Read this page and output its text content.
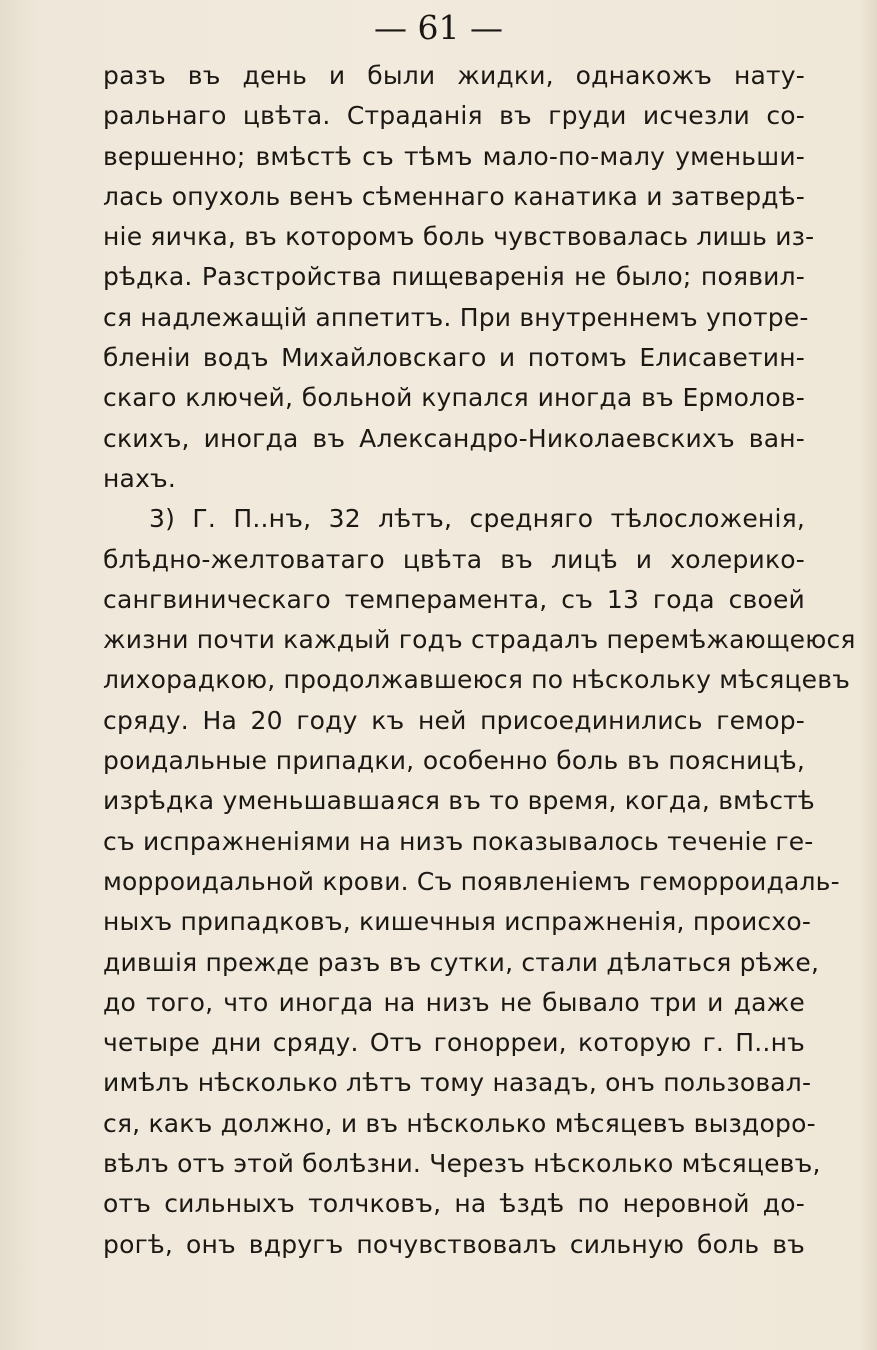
— 61 —
разъ въ день и были жидки, однакожъ нату-
ральнаго цвѣта. Страданія въ груди исчезли со-
вершенно; вмѣстѣ съ тѣмъ мало-по-малу уменьши-
лась опухоль венъ сѣменнаго канатика и затвердѣ-
ніе яичка, въ которомъ боль чувствовалась лишь из-
рѣдка. Разстройства пищеваренія не было; появил-
ся надлежащій аппетитъ. При внутреннемъ употре-
бленіи водъ Михайловскаго и потомъ Елисаветин-
скаго ключей, больной купался иногда въ Ермолов-
скихъ, иногда въ Александро-Николаевскихъ ван-
нахъ.
3) Г. П..нъ, 32 лѣтъ, средняго тѣлосложенія,
блѣдно-желтоватаго цвѣта въ лицѣ и холерико-
сангвиническаго темперамента, съ 13 года своей
жизни почти каждый годъ страдалъ перемѣжающеюся
лихорадкою, продолжавшеюся по нѣскольку мѣсяцевъ
сряду. На 20 году къ ней присоединились гемор-
роидальные припадки, особенно боль въ поясницѣ,
изрѣдка уменьшавшаяся въ то время, когда, вмѣстѣ
съ испражненіями на низъ показывалось теченіе ге-
морроидальной крови. Съ появленіемъ геморроидаль-
ныхъ припадковъ, кишечныя испражненія, происхо-
дившія прежде разъ въ сутки, стали дѣлаться рѣже,
до того, что иногда на низъ не бывало три и даже
четыре дни сряду. Отъ гонорреи, которую г. П..нъ
имѣлъ нѣсколько лѣтъ тому назадъ, онъ пользовал-
ся, какъ должно, и въ нѣсколько мѣсяцевъ выздоро-
вѣлъ отъ этой болѣзни. Черезъ нѣсколько мѣсяцевъ,
отъ сильныхъ толчковъ, на ѣздѣ по неровной до-
рогѣ, онъ вдругъ почувствовалъ сильную боль въ
